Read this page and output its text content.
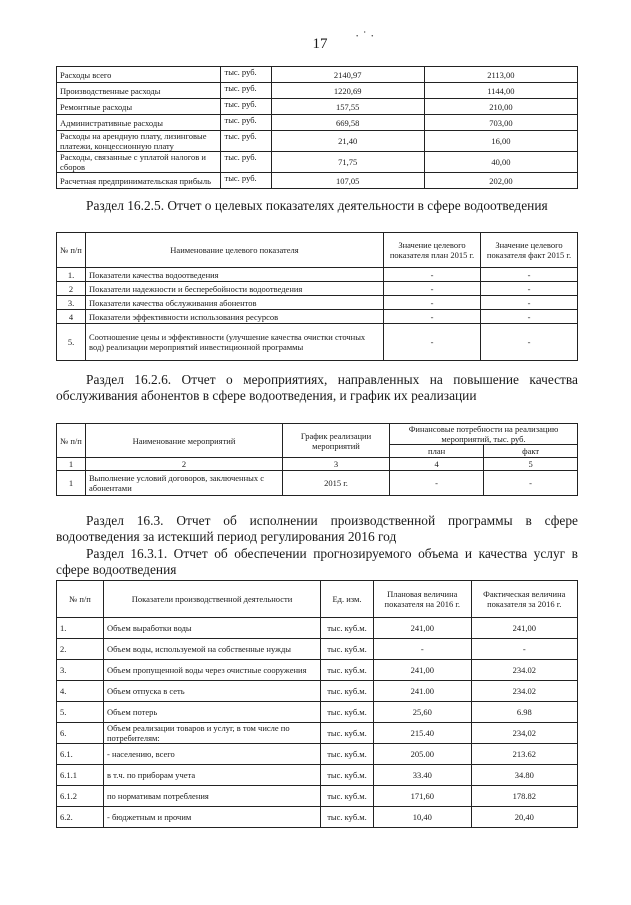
17
· ˈ ·
Расходы всего	тыс. руб.	2140,97	2113,00
Производственные расходы	тыс. руб.	1220,69	1144,00
Ремонтные расходы	тыс. руб.	157,55	210,00
Административные расходы	тыс. руб.	669,58	703,00
Расходы на арендную плату, лизинговые платежи, концессионную плату	тыс. руб.	21,40	16,00
Расходы, связанные с уплатой налогов и сборов	тыс. руб.	71,75	40,00
Расчетная предпринимательская прибыль	тыс. руб.	107,05	202,00
Раздел 16.2.5. Отчет о целевых показателях деятельности в сфере водоотведения
№ п/п	Наименование целевого показателя	Значение целевого показателя план 2015 г.	Значение целевого показателя факт 2015 г.
1.	Показатели качества водоотведения	-	-
2	Показатели надежности и бесперебойности водоотведения	-	-
3.	Показатели качества обслуживания абонентов	-	-
4	Показатели эффективности использования ресурсов	-	-
5.	Соотношение цены и эффективности (улучшение качества очистки сточных вод) реализации мероприятий инвестиционной программы	-	-
Раздел 16.2.6. Отчет о мероприятиях, направленных на повышение качества обслуживания абонентов в сфере водоотведения, и график их реализации
№ п/п	Наименование мероприятий	График реализации мероприятий	Финансовые потребности на реализацию мероприятий, тыс. руб.	
			план	факт
1	2	3	4	5
1	Выполнение условий договоров, заключенных с абонентами	2015 г.	-	-
Раздел 16.3. Отчет об исполнении производственной программы в сфере водоотведения за истекший период регулирования 2016 год
Раздел 16.3.1. Отчет об обеспечении прогнозируемого объема и качества услуг в сфере водоотведения
№ п/п	Показатели производственной деятельности	Ед. изм.	Плановая величина показателя на 2016 г.	Фактическая величина показателя за 2016 г.
1.	Объем выработки воды	тыс. куб.м.	241,00	241,00
2.	Объем воды, используемой на собственные нужды	тыс. куб.м.	-	-
3.	Объем пропущенной воды через очистные сооружения	тыс. куб.м.	241,00	234.02
4.	Объем отпуска в сеть	тыс. куб.м.	241.00	234.02
5.	Объем потерь	тыс. куб.м.	25,60	6.98
6.	Объем реализации товаров и услуг, в том числе по потребителям:	тыс. куб.м.	215.40	234,02
6.1.	- населению, всего	тыс. куб.м.	205.00	213.62
6.1.1	в т.ч. по приборам учета	тыс. куб.м.	33.40	34.80
6.1.2	по нормативам потребления	тыс. куб.м.	171,60	178.82
6.2.	- бюджетным и прочим	тыс. куб.м.	10,40	20,40
